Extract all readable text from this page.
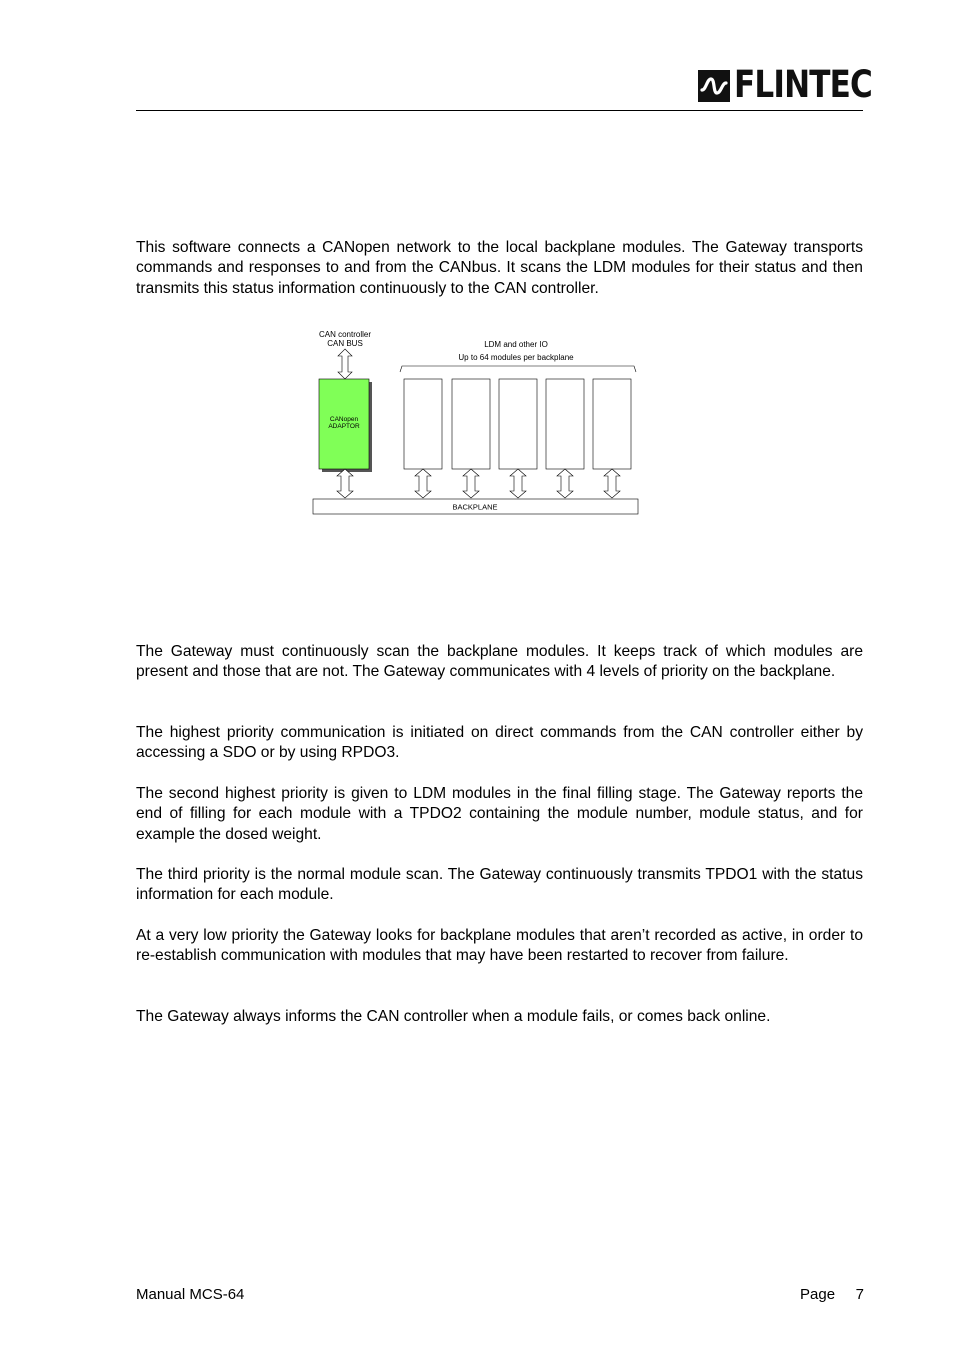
FLINTEC

This software connects a CANopen network to the local backplane modules. The Gateway transports commands and responses to and from the CANbus. It scans the LDM modules for their status and then transmits this status information continuously to the CAN controller.

CAN controller
CAN BUS	LDM and other IO
Up to 64 modules per backplane
CANopen
ADAPTOR
BACKPLANE

The Gateway must continuously scan the backplane modules. It keeps track of which modules are present and those that are not. The Gateway communicates with 4 levels of priority on the backplane.

The highest priority communication is initiated on direct commands from the CAN controller either by accessing a SDO or by using RPDO3.

The second highest priority is given to LDM modules in the final filling stage. The Gateway reports the end of filling for each module with a TPDO2 containing the module number, module status, and for example the dosed weight.

The third priority is the normal module scan. The Gateway continuously transmits TPDO1 with the status information for each module.

At a very low priority the Gateway looks for backplane modules that aren’t recorded as active, in order to re-establish communication with modules that may have been restarted to recover from failure.

The Gateway always informs the CAN controller when a module fails, or comes back online.

Manual MCS-64	Page 7
